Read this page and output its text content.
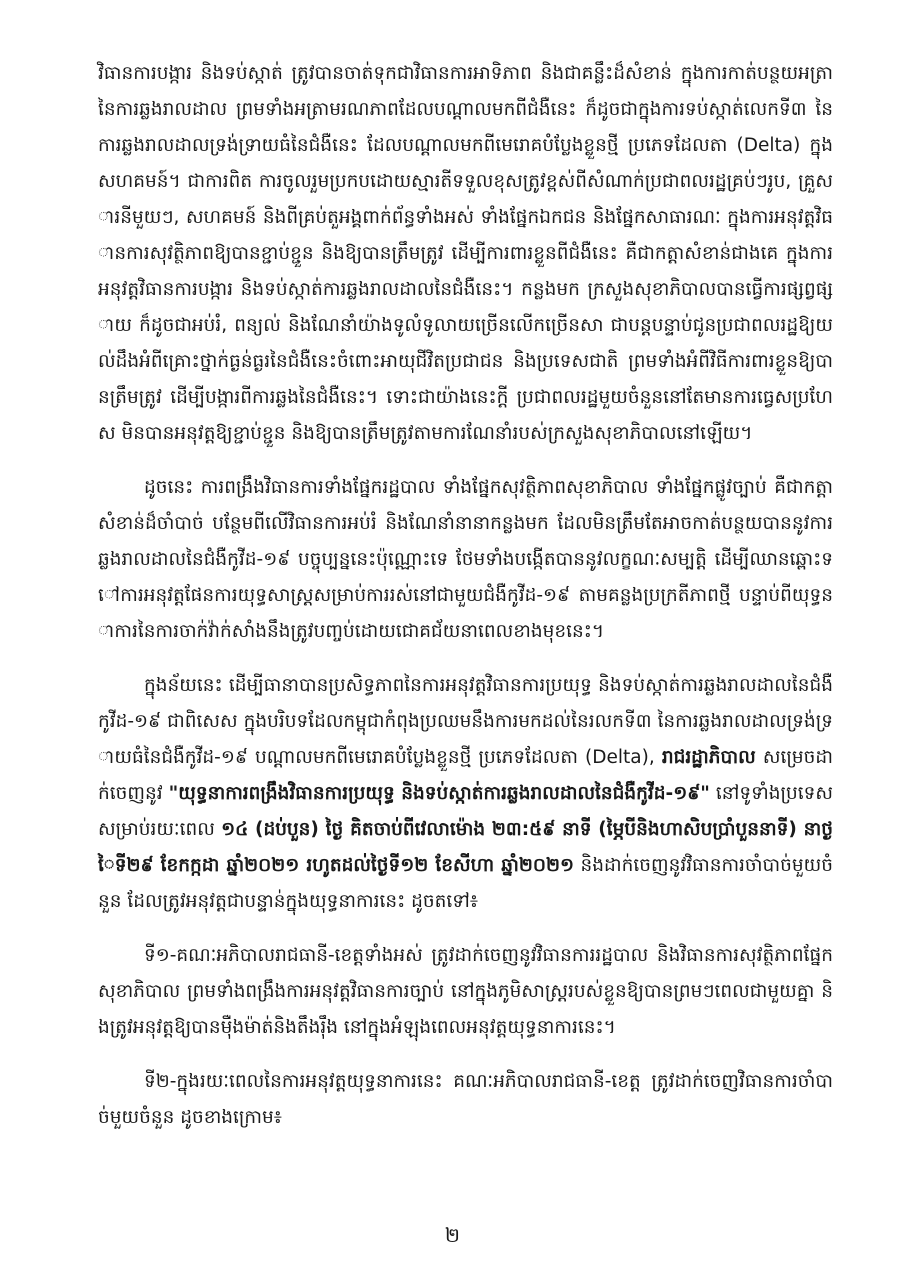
វិធានការបង្ការ និងទប់ស្កាត់ ត្រូវបានចាត់ទុកជាវិធានការអាទិភាព និងជាគន្លឹះដ៏សំខាន់ ក្នុងការកាត់បន្ថយអត្រានៃការឆ្លងរាលដាល ព្រមទាំងអត្រាមរណភាពដែលបណ្តាលមកពីជំងឺនេះ ក៏ដូចជាក្នុងការទប់ស្កាត់លេកទី៣ នៃការឆ្លងរាលដាលទ្រង់ទ្រាយធំនៃជំងឺនេះ ដែលបណ្តាលមកពីមេរោគបំប្លែងខ្លួនថ្មី ប្រភេទដែលតា (Delta) ក្នុងសហគមន៍។ ជាការពិត ការចូលរួមប្រកបដោយស្មារតីទទួលខុសត្រូវខ្ពស់ពីសំណាក់ប្រជាពលរដ្ឋគ្រប់ៗរូប, គ្រួសារនីមួយៗ, សហគមន៍ និងពីគ្រប់តួអង្គពាក់ព័ន្ធទាំងអស់ ទាំងផ្នែកឯកជន និងផ្នែកសាធារណៈ ក្នុងការអនុវត្តវិធានការសុវត្ថិភាពឱ្យបានខ្ជាប់ខ្ជួន និងឱ្យបានត្រឹមត្រូវ ដើម្បីការពារខ្លួនពីជំងឺនេះ គឺជាកត្តាសំខាន់ជាងគេ ក្នុងការអនុវត្តវិធានការបង្ការ និងទប់ស្កាត់ការឆ្លងរាលដាលនៃជំងឺនេះ។ កន្លងមក ក្រសួងសុខាភិបាលបានធ្វើការផ្សព្វផ្សាយ ក៏ដូចជាអប់រំ, ពន្យល់ និងណែនាំយ៉ាងទូលំទូលាយច្រើនលើកច្រើនសា ជាបន្តបន្ទាប់ជូនប្រជាពលរដ្ឋឱ្យយល់ដឹងអំពីគ្រោះថ្នាក់ធ្ងន់ធ្ងរនៃជំងឺនេះចំពោះអាយុជីវិតប្រជាជន និងប្រទេសជាតិ ព្រមទាំងអំពីវិធីការពារខ្លួនឱ្យបានត្រឹមត្រូវ ដើម្បីបង្ការពីការឆ្លងនៃជំងឺនេះ។ ទោះជាយ៉ាងនេះក្តី ប្រជាពលរដ្ឋមួយចំនួននៅតែមានការធ្វេសប្រហែស មិនបានអនុវត្តឱ្យខ្ជាប់ខ្ជួន និងឱ្យបានត្រឹមត្រូវតាមការណែនាំរបស់ក្រសួងសុខាភិបាលនៅឡើយ។

ដូចនេះ ការពង្រឹងវិធានការទាំងផ្នែករដ្ឋបាល ទាំងផ្នែកសុវត្ថិភាពសុខាភិបាល ទាំងផ្នែកផ្លូវច្បាប់ គឺជាកត្តាសំខាន់ដ៏ចាំបាច់ បន្ថែមពីលើវិធានការអប់រំ និងណែនាំនានាកន្លងមក ដែលមិនត្រឹមតែអាចកាត់បន្ថយបាននូវការឆ្លងរាលដាលនៃជំងឺកូវីដ-១៩ បច្ចុប្បន្ននេះប៉ុណ្ណោះទេ ថែមទាំងបង្កើតបាននូវលក្ខណៈសម្បត្តិ ដើម្បីឈានឆ្ពោះទៅការអនុវត្តផែនការយុទ្ធសាស្ត្រសម្រាប់ការរស់នៅជាមួយជំងឺកូវីដ-១៩ តាមគន្លងប្រក្រតីភាពថ្មី បន្ទាប់ពីយុទ្ធនាការនៃការចាក់វ៉ាក់សាំងនឹងត្រូវបញ្ចប់ដោយជោគជ័យនាពេលខាងមុខនេះ។

ក្នុងន័យនេះ ដើម្បីធានាបានប្រសិទ្ធភាពនៃការអនុវត្តវិធានការប្រយុទ្ធ និងទប់ស្កាត់ការឆ្លងរាលដាលនៃជំងឺកូវីដ-១៩ ជាពិសេស ក្នុងបរិបទដែលកម្ពុជាកំពុងប្រឈមនឹងការមកដល់នៃរលកទី៣ នៃការឆ្លងរាលដាលទ្រង់ទ្រាយធំនៃជំងឺកូវីដ-១៩ បណ្តាលមកពីមេរោគបំប្លែងខ្លួនថ្មី ប្រភេទដែលតា (Delta), រាជរដ្ឋាភិបាល សម្រេចដាក់ចេញនូវ "យុទ្ធនាការពង្រឹងវិធានការប្រយុទ្ធ និងទប់ស្កាត់ការឆ្លងរាលដាលនៃជំងឺកូវីដ-១៩" នៅទូទាំងប្រទេស សម្រាប់រយៈពេល ១៤ (ដប់បួន) ថ្ងៃ គិតចាប់ពីវេលាម៉ោង ២៣:៥៩ នាទី (ម្ភៃបីនិងហាសិបប្រាំបួននាទី) នាថ្ងៃទី២៩ ខែកក្កដា ឆ្នាំ២០២១ រហូតដល់ថ្ងៃទី១២ ខែសីហា ឆ្នាំ២០២១ និងដាក់ចេញនូវវិធានការចាំបាច់មួយចំនួន ដែលត្រូវអនុវត្តជាបន្ទាន់ក្នុងយុទ្ធនាការនេះ ដូចតទៅ៖

ទី១-គណៈអភិបាលរាជធានី-ខេត្តទាំងអស់ ត្រូវដាក់ចេញនូវវិធានការរដ្ឋបាល និងវិធានការសុវត្ថិភាពផ្នែកសុខាភិបាល ព្រមទាំងពង្រឹងការអនុវត្តវិធានការច្បាប់ នៅក្នុងភូមិសាស្ត្ររបស់ខ្លួនឱ្យបានព្រមៗពេលជាមួយគ្នា និងត្រូវអនុវត្តឱ្យបានម៉ឺងម៉ាត់និងតឹងរ៉ឹង នៅក្នុងអំឡុងពេលអនុវត្តយុទ្ធនាការនេះ។

ទី២-ក្នុងរយៈពេលនៃការអនុវត្តយុទ្ធនាការនេះ គណៈអភិបាលរាជធានី-ខេត្ត ត្រូវដាក់ចេញវិធានការចាំបាច់មួយចំនួន ដូចខាងក្រោម៖

២
